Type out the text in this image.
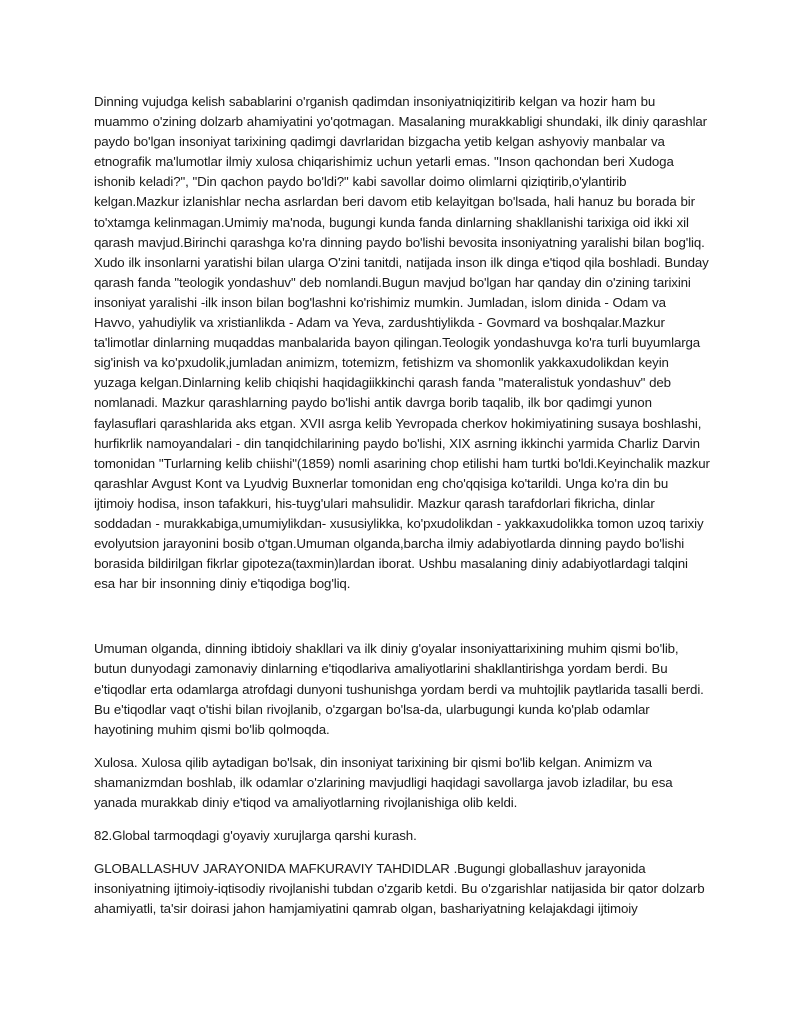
Dinning vujudga kelish sabablarini o'rganish qadimdan insoniyatniqizitirib kelgan va hozir ham bu muammo o'zining dolzarb ahamiyatini yo'qotmagan. Masalaning murakkabligi shundaki, ilk diniy qarashlar paydo bo'lgan insoniyat tarixining qadimgi davrlaridan bizgacha yetib kelgan ashyoviy manbalar va etnografik ma'lumotlar ilmiy xulosa chiqarishimiz uchun yetarli emas. "Inson qachondan beri Xudoga ishonib keladi?", "Din qachon paydo bo'ldi?" kabi savollar doimo olimlarni qiziqtirib,o'ylantirib kelgan.Mazkur izlanishlar necha asrlardan beri davom etib kelayitgan bo'lsada, hali hanuz bu borada bir to'xtamga kelinmagan.Umimiy ma'noda, bugungi kunda fanda dinlarning shakllanishi tarixiga oid ikki xil qarash mavjud.Birinchi qarashga ko'ra dinning paydo bo'lishi bevosita insoniyatning yaralishi bilan bog'liq. Xudo ilk insonlarni yaratishi bilan ularga O'zini tanitdi, natijada inson ilk dinga e'tiqod qila boshladi. Bunday qarash fanda "teologik yondashuv" deb nomlandi.Bugun mavjud bo'lgan har qanday din o'zining tarixini insoniyat yaralishi -ilk inson bilan bog'lashni ko'rishimiz mumkin. Jumladan, islom dinida - Odam va Havvo, yahudiylik va xristianlikda - Adam va Yeva, zardushtiylikda - Govmard va boshqalar.Mazkur ta'limotlar dinlarning muqaddas manbalarida bayon qilingan.Teologik yondashuvga ko'ra turli buyumlarga sig'inish va ko'pxudolik,jumladan animizm, totemizm, fetishizm va shomonlik yakkaxudolikdan keyin yuzaga kelgan.Dinlarning kelib chiqishi haqidagiikkinchi qarash fanda "materalistuk yondashuv" deb nomlanadi. Mazkur qarashlarning paydo bo'lishi antik davrga borib taqalib, ilk bor qadimgi yunon faylasuflari qarashlarida aks etgan. XVII asrga kelib Yevropada cherkov hokimiyatining susaya boshlashi, hurfikrlik namoyandalari - din tanqidchilarining paydo bo'lishi, XIX asrning ikkinchi yarmida Charliz Darvin tomonidan "Turlarning kelib chiishi"(1859) nomli asarining chop etilishi ham turtki bo'ldi.Keyinchalik mazkur qarashlar Avgust Kont va Lyudvig Buxnerlar tomonidan eng cho'qqisiga ko'tarildi. Unga ko'ra din bu ijtimoiy hodisa, inson tafakkuri, his-tuyg'ulari mahsulidir. Mazkur qarash tarafdorlari fikricha, dinlar soddadan - murakkabiga,umumiylikdan- xususiylikka, ko'pxudolikdan - yakkaxudolikka tomon uzoq tarixiy evolyutsion jarayonini bosib o'tgan.Umuman olganda,barcha ilmiy adabiyotlarda dinning paydo bo'lishi borasida bildirilgan fikrlar gipoteza(taxmin)lardan iborat. Ushbu masalaning diniy adabiyotlardagi talqini esa har bir insonning diniy e'tiqodiga bog'liq.

Umuman olganda, dinning ibtidoiy shakllari va ilk diniy g'oyalar insoniyattarixining muhim qismi bo'lib, butun dunyodagi zamonaviy dinlarning e'tiqodlariva amaliyotlarini shakllantirishga yordam berdi. Bu e'tiqodlar erta odamlarga atrofdagi dunyoni tushunishga yordam berdi va muhtojlik paytlarida tasalli berdi. Bu e'tiqodlar vaqt o'tishi bilan rivojlanib, o'zgargan bo'lsa-da, ularbugungi kunda ko'plab odamlar hayotining muhim qismi bo'lib qolmoqda.

Xulosa. Xulosa qilib aytadigan bo'lsak, din insoniyat tarixining bir qismi bo'lib kelgan. Animizm va shamanizmdan boshlab, ilk odamlar o'zlarining mavjudligi haqidagi savollarga javob izladilar, bu esa yanada murakkab diniy e'tiqod va amaliyotlarning rivojlanishiga olib keldi.

82.Global tarmoqdagi g'oyaviy xurujlarga qarshi kurash.

GLOBALLASHUV JARAYONIDA MAFKURAVIY TAHDIDLAR .Bugungi globallashuv jarayonida insoniyatning ijtimoiy-iqtisodiy rivojlanishi tubdan o'zgarib ketdi. Bu o'zgarishlar natijasida bir qator dolzarb ahamiyatli, ta'sir doirasi jahon hamjamiyatini qamrab olgan, bashariyatning kelajakdagi ijtimoiy
